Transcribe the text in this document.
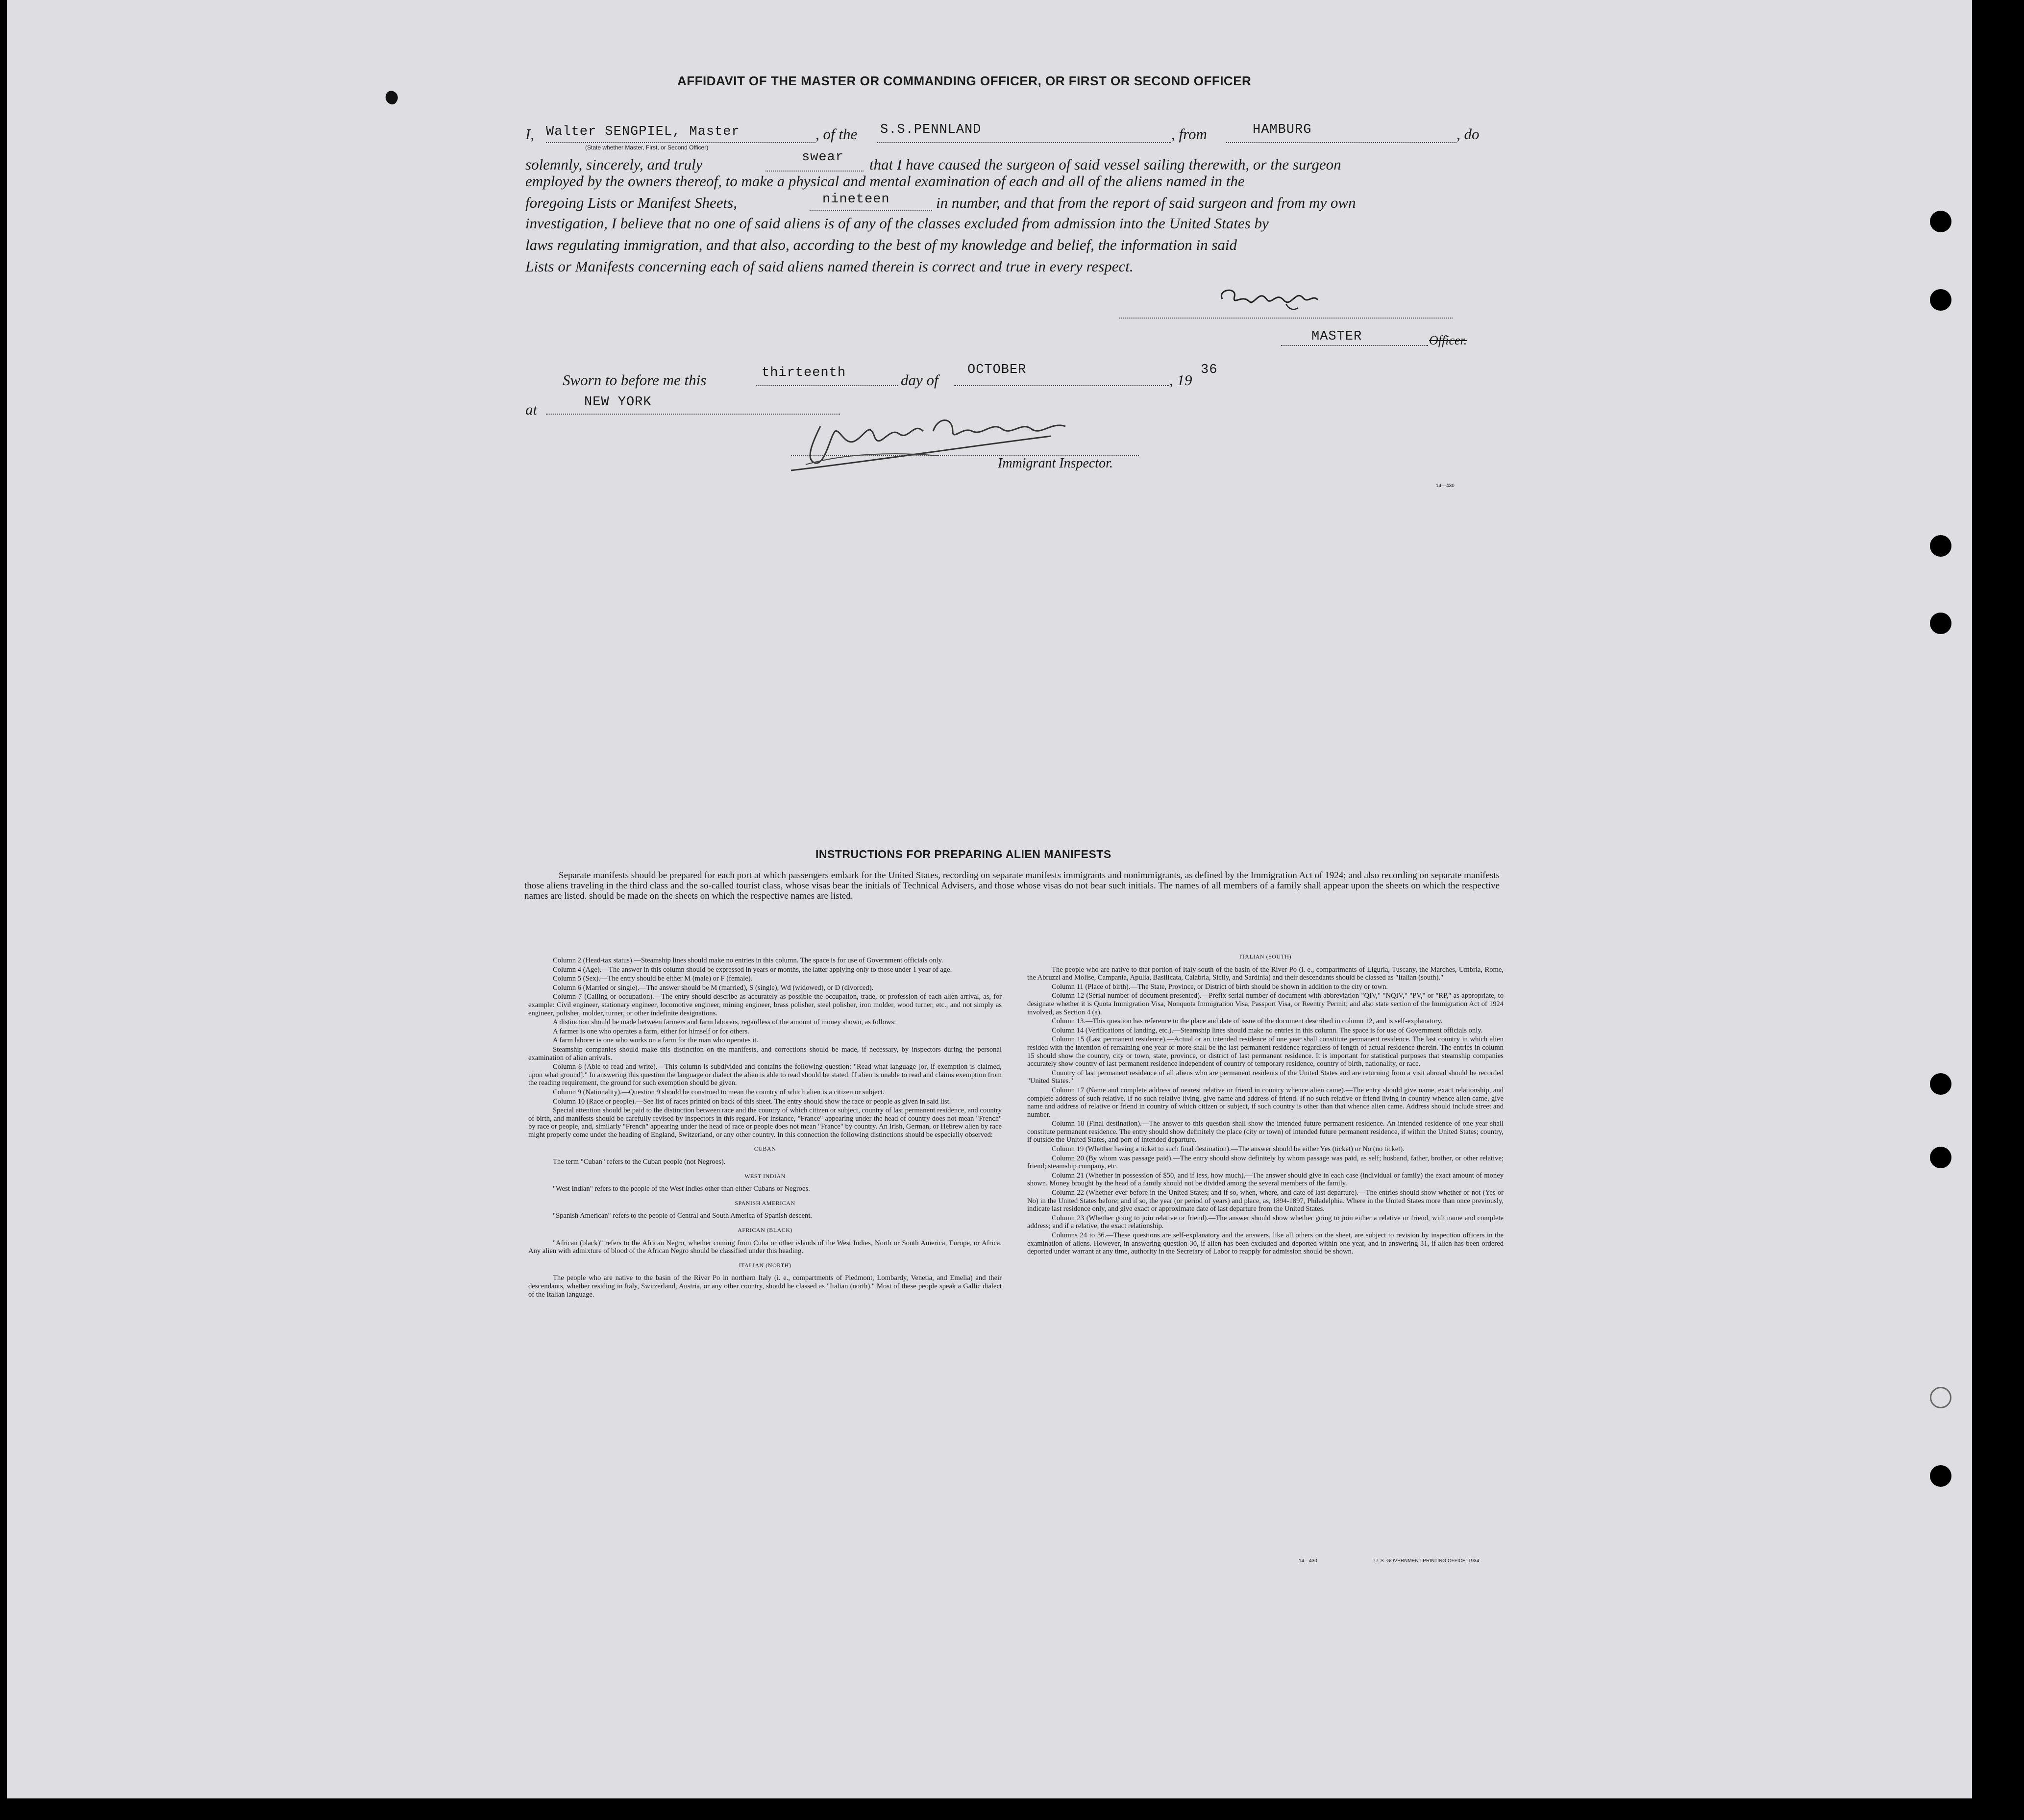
AFFIDAVIT OF THE MASTER OR COMMANDING OFFICER, OR FIRST OR SECOND OFFICER
I, Walter SENGPIEL, Master
(State whether Master, First, or Second Officer)
, of the S.S.PENNLAND	, from	HAMBURG	, do
solemnly, sincerely, and truly	swear that I have caused the surgeon of said vessel sailing therewith, or the surgeon
employed by the owners thereof, to make a physical and mental examination of each and all of the aliens named in the
foregoing Lists or Manifest Sheets,	nineteen	in number, and that from the report of said surgeon and from my own
investigation, I believe that no one of said aliens is of any of the classes excluded from admission into the United States by
laws regulating immigration, and that also, according to the best of my knowledge and belief, the information in said
Lists or Manifests concerning each of said aliens named therein is correct and true in every respect.
MASTER	Officer.
Sworn to before me this	thirteenth	day of
OCTOBER
, 19
36
at	NEW YORK
Immigrant Inspector.
14—430
INSTRUCTIONS FOR PREPARING ALIEN MANIFESTS
Separate manifests should be prepared for each port at which passengers embark for the United States, recording on separate manifests immigrants and nonimmigrants, as defined by the Immigration Act of 1924; and also recording on separate manifests those aliens traveling in the third class and the so-called tourist class, whose visas bear the initials of Technical Advisers, and those whose visas do not bear such initials. The names of all members of a family shall appear upon the sheets on which the respective names are listed. should be made on the sheets on which the respective names are listed.

Column 2 (Head-tax status).—Steamship lines should make no entries in this column. The space is for use of Government officials only.

Column 4 (Age).—The answer in this column should be expressed in years or months, the latter applying only to those under 1 year of age.

Column 5 (Sex).—The entry should be either M (male) or F (female).

Column 6 (Married or single).—The answer should be M (married), S (single), Wd (widowed), or D (divorced).

Column 7 (Calling or occupation).—The entry should describe as accurately as possible the occupation, trade, or profession of each alien arrival, as, for example: Civil engineer, stationary engineer, locomotive engineer, mining engineer, brass polisher, steel polisher, iron molder, wood turner, etc., and not simply as engineer, polisher, molder, turner, or other indefinite designations.

A distinction should be made between farmers and farm laborers, regardless of the amount of money shown, as follows:

A farmer is one who operates a farm, either for himself or for others.

A farm laborer is one who works on a farm for the man who operates it.

Steamship companies should make this distinction on the manifests, and corrections should be made, if necessary, by inspectors during the personal examination of alien arrivals.

Column 8 (Able to read and write).—This column is subdivided and contains the following question: "Read what language [or, if exemption is claimed, upon what ground]." In answering this question the language or dialect the alien is able to read should be stated. If alien is unable to read and claims exemption from the reading requirement, the ground for such exemption should be given.

Column 9 (Nationality).—Question 9 should be construed to mean the country of which alien is a citizen or subject.

Column 10 (Race or people).—See list of races printed on back of this sheet. The entry should show the race or people as given in said list.

Special attention should be paid to the distinction between race and the country of which citizen or subject, country of last permanent residence, and country of birth, and manifests should be carefully revised by inspectors in this regard. For instance, "France" appearing under the head of country does not mean "French" by race or people, and, similarly "French" appearing under the head of race or people does not mean "France" by country. An Irish, German, or Hebrew alien by race might properly come under the heading of England, Switzerland, or any other country. In this connection the following distinctions should be especially observed:

CUBAN

The term "Cuban" refers to the Cuban people (not Negroes).

WEST INDIAN

"West Indian" refers to the people of the West Indies other than either Cubans or Negroes.

SPANISH AMERICAN

"Spanish American" refers to the people of Central and South America of Spanish descent.

AFRICAN (BLACK)

"African (black)" refers to the African Negro, whether coming from Cuba or other islands of the West Indies, North or South America, Europe, or Africa. Any alien with admixture of blood of the African Negro should be classified under this heading.

ITALIAN (NORTH)

The people who are native to the basin of the River Po in northern Italy (i. e., compartments of Piedmont, Lombardy, Venetia, and Emelia) and their descendants, whether residing in Italy, Switzerland, Austria, or any other country, should be classed as "Italian (north)." Most of these people speak a Gallic dialect of the Italian language.

ITALIAN (SOUTH)

The people who are native to that portion of Italy south of the basin of the River Po (i. e., compartments of Liguria, Tuscany, the Marches, Umbria, Rome, the Abruzzi and Molise, Campania, Apulia, Basilicata, Calabria, Sicily, and Sardinia) and their descendants should be classed as "Italian (south)."

Column 11 (Place of birth).—The State, Province, or District of birth should be shown in addition to the city or town.

Column 12 (Serial number of document presented).—Prefix serial number of document with abbreviation "QIV," "NQIV," "PV," or "RP," as appropriate, to designate whether it is Quota Immigration Visa, Nonquota Immigration Visa, Passport Visa, or Reentry Permit; and also state section of the Immigration Act of 1924 involved, as Section 4 (a).

Column 13.—This question has reference to the place and date of issue of the document described in column 12, and is self-explanatory.

Column 14 (Verifications of landing, etc.).—Steamship lines should make no entries in this column. The space is for use of Government officials only.

Column 15 (Last permanent residence).—Actual or an intended residence of one year shall constitute permanent residence. The last country in which alien resided with the intention of remaining one year or more shall be the last permanent residence regardless of length of actual residence therein. The entries in column 15 should show the country, city or town, state, province, or district of last permanent residence. It is important for statistical purposes that steamship companies accurately show country of last permanent residence independent of country of temporary residence, country of birth, nationality, or race.

Country of last permanent residence of all aliens who are permanent residents of the United States and are returning from a visit abroad should be recorded "United States."

Column 17 (Name and complete address of nearest relative or friend in country whence alien came).—The entry should give name, exact relationship, and complete address of such relative. If no such relative living, give name and address of friend. If no such relative or friend living in country whence alien came, give name and address of relative or friend in country of which citizen or subject, if such country is other than that whence alien came. Address should include street and number.

Column 18 (Final destination).—The answer to this question shall show the intended future permanent residence. An intended residence of one year shall constitute permanent residence. The entry should show definitely the place (city or town) of intended future permanent residence, if within the United States; country, if outside the United States, and port of intended departure.

Column 19 (Whether having a ticket to such final destination).—The answer should be either Yes (ticket) or No (no ticket).

Column 20 (By whom was passage paid).—The entry should show definitely by whom passage was paid, as self; husband, father, brother, or other relative; friend; steamship company, etc.

Column 21 (Whether in possession of $50, and if less, how much).—The answer should give in each case (individual or family) the exact amount of money shown. Money brought by the head of a family should not be divided among the several members of the family.

Column 22 (Whether ever before in the United States; and if so, when, where, and date of last departure).—The entries should show whether or not (Yes or No) in the United States before; and if so, the year (or period of years) and place, as, 1894-1897, Philadelphia. Where in the United States more than once previously, indicate last residence only, and give exact or approximate date of last departure from the United States.

Column 23 (Whether going to join relative or friend).—The answer should show whether going to join either a relative or friend, with name and complete address; and if a relative, the exact relationship.

Columns 24 to 36.—These questions are self-explanatory and the answers, like all others on the sheet, are subject to revision by inspection officers in the examination of aliens. However, in answering question 30, if alien has been excluded and deported within one year, and in answering 31, if alien has been ordered deported under warrant at any time, authority in the Secretary of Labor to reapply for admission should be shown.

14—430	U. S. GOVERNMENT PRINTING OFFICE: 1934
